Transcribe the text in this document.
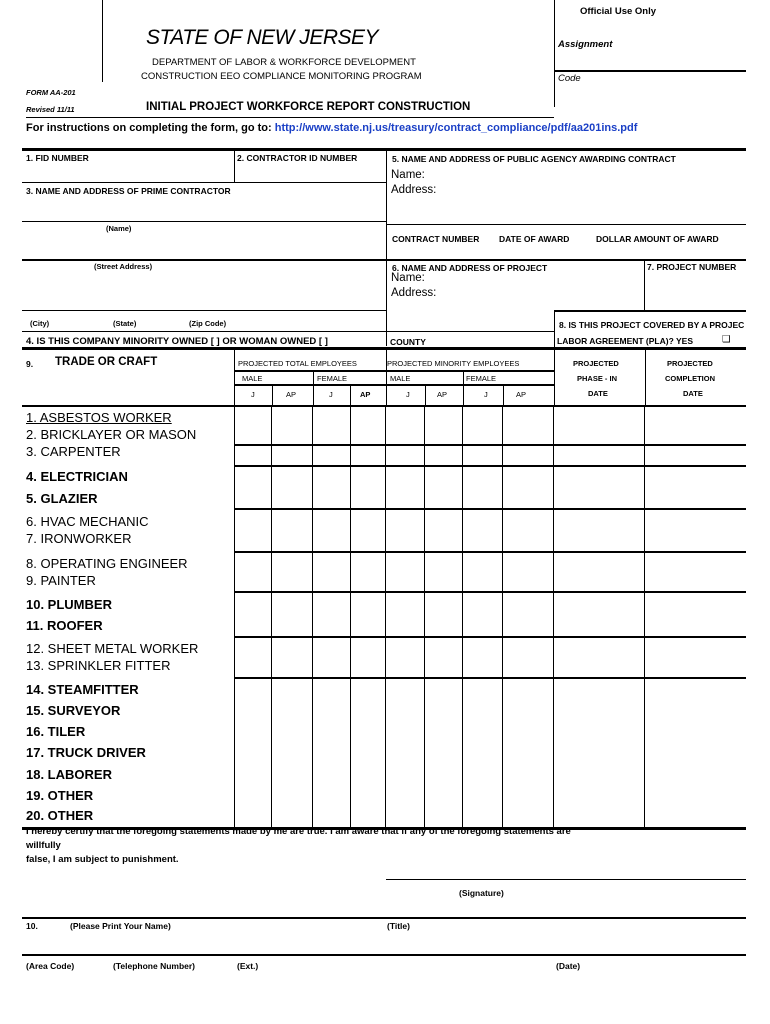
Official Use Only
Assignment
Code
STATE OF NEW JERSEY
DEPARTMENT OF LABOR & WORKFORCE DEVELOPMENT
CONSTRUCTION EEO COMPLIANCE MONITORING PROGRAM
FORM AA-201
Revised 11/11	INITIAL PROJECT WORKFORCE REPORT CONSTRUCTION
For instructions on completing the form, go to: http://www.state.nj.us/treasury/contract_compliance/pdf/aa201ins.pdf
1. FID NUMBER	2. CONTRACTOR ID NUMBER	5. NAME AND ADDRESS OF PUBLIC AGENCY AWARDING CONTRACT
Name:
Address:
3. NAME AND ADDRESS OF PRIME CONTRACTOR
(Name)
CONTRACT NUMBER DATE OF AWARD	DOLLAR AMOUNT OF AWARD
(Street Address)	6. NAME AND ADDRESS OF PROJECT	7. PROJECT NUMBER
Name:
Address:
(City)	(State)	(Zip Code)	8. IS THIS PROJECT COVERED BY A PROJEC
4. IS THIS COMPANY MINORITY OWNED [ ] OR WOMAN OWNED [ ]	COUNTY	LABOR AGREEMENT (PLA)? YES	❑
9. TRADE OR CRAFT	PROJECTED TOTAL EMPLOYEES	PROJECTED MINORITY EMPLOYEES
MALE	FEMALE	MALE	FEMALE
J	AP	J	AP	J	AP	J	AP
PROJECTED
PHASE - IN
DATE
PROJECTED
COMPLETION
DATE
1. ASBESTOS WORKER
2. BRICKLAYER OR MASON
3. CARPENTER
4. ELECTRICIAN
5. GLAZIER
6. HVAC MECHANIC
7. IRONWORKER
8. OPERATING ENGINEER
9. PAINTER
10. PLUMBER
11. ROOFER
12. SHEET METAL WORKER
13. SPRINKLER FITTER
14. STEAMFITTER
15. SURVEYOR
16. TILER
17. TRUCK DRIVER
18. LABORER
19. OTHER
20. OTHER
I hereby certify that the foregoing statements made by me are true. I am aware that if any of the foregoing statements are
willfully
false, I am subject to punishment.
(Signature)
10.	(Please Print Your Name)	(Title)
(Area Code)	(Telephone Number)	(Ext.)	(Date)
